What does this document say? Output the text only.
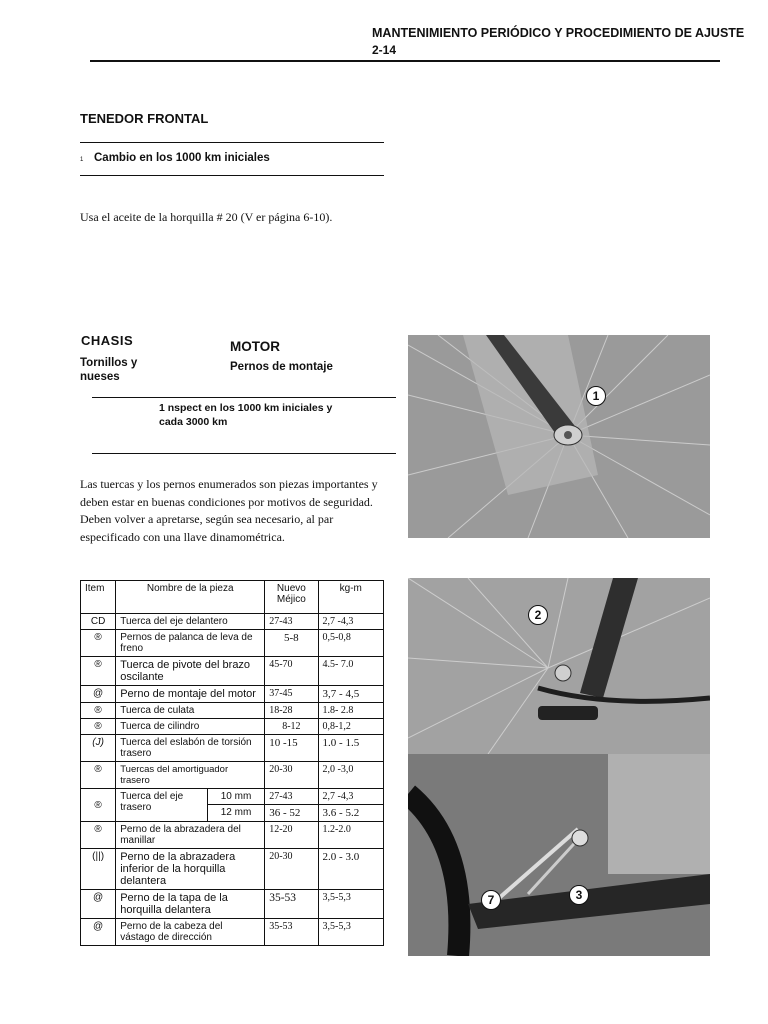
MANTENIMIENTO PERIÓDICO Y PROCEDIMIENTO DE AJUSTE
2-14
TENEDOR FRONTAL
1 Cambio en los 1000 km iniciales
Usa el aceite de la horquilla # 20 (V er página 6-10).
CHASIS
Tornillos y nueses
MOTOR
Pernos de montaje
1 nspect en los 1000 km iniciales y cada 3000 km
Las tuercas y los pernos enumerados son piezas importantes y deben estar en buenas condiciones por motivos de seguridad.
Deben volver a apretarse, según sea necesario, al par especificado con una llave dinamométrica.
Item	Nombre de la pieza		Nuevo Méjico	kg-m
CD	Tuerca del eje delantero		27-43	2,7 -4,3
®	Pernos de palanca de leva de freno		5-8	0,5-0,8
®	Tuerca de pivote del brazo oscilante		45-70	4.5- 7.0
@	Perno de montaje del motor		37-45	3,7 - 4,5
®	Tuerca de culata		18-28	1.8- 2.8
®	Tuerca de cilindro		8-12	0,8-1,2
(J)	Tuerca del eslabón de torsión trasero		10 -15	1.0 - 1.5
®	Tuercas del amortiguador trasero		20-30	2,0 -3,0
®	Tuerca del eje trasero	10 mm	27-43	2,7 -4,3
		12 mm	36 - 52	3.6 - 5.2
®	Perno de la abrazadera del manillar		12-20	1.2-2.0
(||)	Perno de la abrazadera inferior de la horquilla delantera		20-30	2.0 - 3.0
@	Perno de la tapa de la horquilla delantera		35-53	3,5-5,3
@	Perno de la cabeza del vástago de dirección		35-53	3,5-5,3
1
2
7	3
